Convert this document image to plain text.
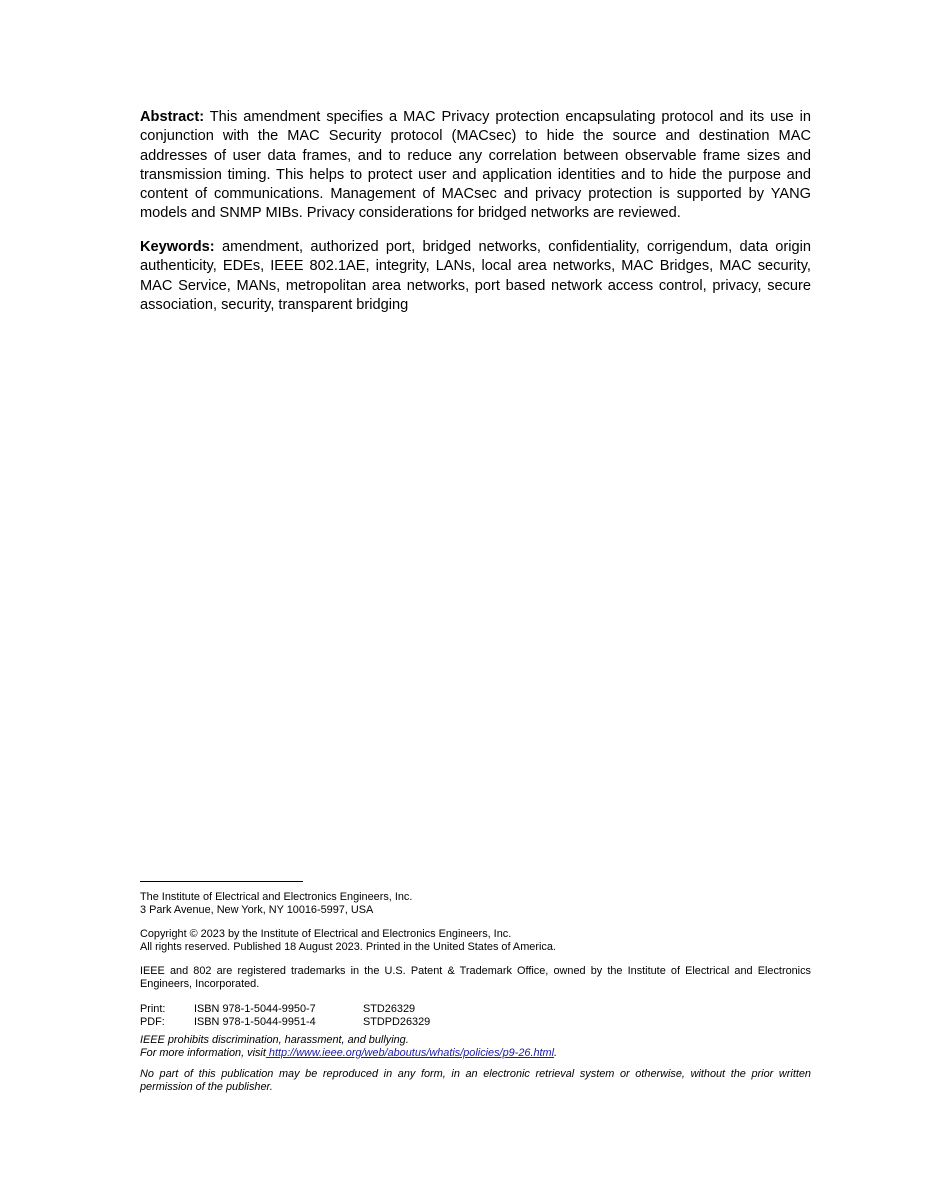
Abstract: This amendment specifies a MAC Privacy protection encapsulating protocol and its use in conjunction with the MAC Security protocol (MACsec) to hide the source and destination MAC addresses of user data frames, and to reduce any correlation between observable frame sizes and transmission timing. This helps to protect user and application identities and to hide the purpose and content of communications. Management of MACsec and privacy protection is supported by YANG models and SNMP MIBs. Privacy considerations for bridged networks are reviewed.

Keywords: amendment, authorized port, bridged networks, confidentiality, corrigendum, data origin authenticity, EDEs, IEEE 802.1AE, integrity, LANs, local area networks, MAC Bridges, MAC security, MAC Service, MANs, metropolitan area networks, port based network access control, privacy, secure association, security, transparent bridging

The Institute of Electrical and Electronics Engineers, Inc.
3 Park Avenue, New York, NY 10016-5997, USA

Copyright © 2023 by the Institute of Electrical and Electronics Engineers, Inc.
All rights reserved. Published 18 August 2023. Printed in the United States of America.

IEEE and 802 are registered trademarks in the U.S. Patent & Trademark Office, owned by the Institute of Electrical and Electronics Engineers, Incorporated.

Print:	ISBN 978-1-5044-9950-7	STD26329
PDF:	ISBN 978-1-5044-9951-4	STDPD26329

IEEE prohibits discrimination, harassment, and bullying.
For more information, visit http://www.ieee.org/web/aboutus/whatis/policies/p9-26.html.

No part of this publication may be reproduced in any form, in an electronic retrieval system or otherwise, without the prior written permission of the publisher.
